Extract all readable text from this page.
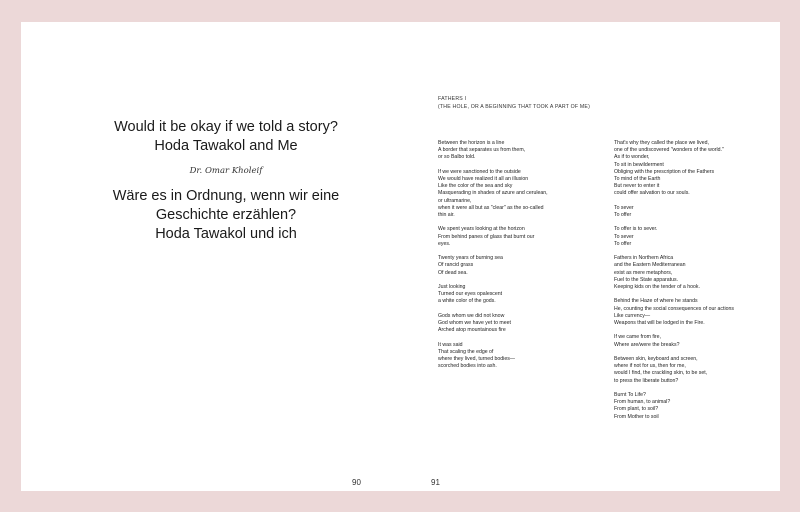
Would it be okay if we told a story?
Hoda Tawakol and Me
Dr. Omar Kholeif
Wäre es in Ordnung, wenn wir eine
Geschichte erzählen?
Hoda Tawakol und ich
90
FATHERS I
(THE HOLE, OR A BEGINNING THAT TOOK A PART OF ME)
Between the horizon is a line
A border that separates us from them,
or so Balbo told.
If we were sanctioned to the outside
We would have realized it all an illusion
Like the color of the sea and sky
Masquerading in shades of azure and cerulean,
or ultramarine,
when it were all but as "clear" as the so-called
thin air.
We spent years looking at the horizon
From behind panes of glass that burnt our
eyes.
Twenty years of burning sea
Of rancid grass
Of dead sea.
Just looking
Turned our eyes opalescent
a white color of the gods.
Gods whom we did not know
God whom we have yet to meet
Arched atop mountainous fire
It was said
That scaling the edge of
where they lived, turned bodies—
scorched bodies into ash.
That's why they called the place we lived,
one of the undiscovered "wonders of the world."
As if to wonder,
To sit in bewilderment
Obliging with the prescription of the Fathers
To mind of the Earth
But never to enter it
could offer salvation to our souls.
To sever
To offer
To offer is to sever.
To sever
To offer
Fathers in Northern Africa
and the Eastern Mediterranean
exist as mere metaphors,
Fuel to the State apparatus.
Keeping kids on the tender of a hook.
Behind the Haze of where he stands
He, counting the social consequences of our actions
Like currency—
Weapons that will be lodged in the Fire.
If we came from fire,
Where are/were the breaks?
Between skin, keyboard and screen,
where if not for us, then for me,
would I find, the crackling skin, to be set,
to press the liberate button?
Burnt To Life?
From human, to animal?
From plant, to soil?
From Mother to soil
91
